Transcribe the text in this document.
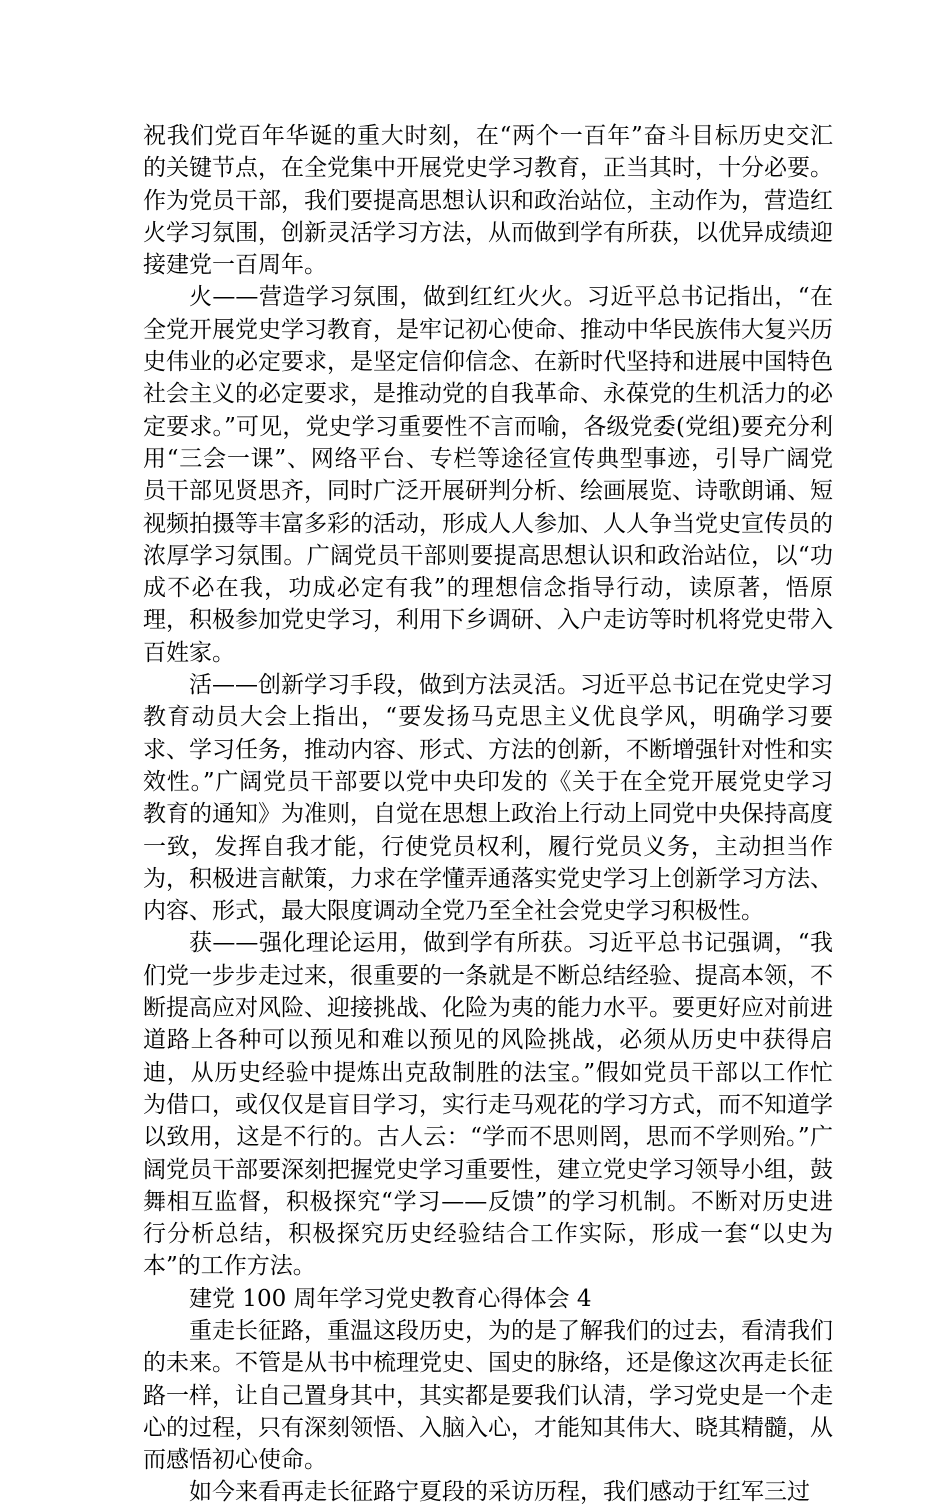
祝我们党百年华诞的重大时刻，在“两个一百年”奋斗目标历史交汇的关键节点，在全党集中开展党史学习教育，正当其时，十分必要。作为党员干部，我们要提高思想认识和政治站位，主动作为，营造红火学习氛围，创新灵活学习方法，从而做到学有所获，以优异成绩迎接建党一百周年。

火——营造学习氛围，做到红红火火。习近平总书记指出，“在全党开展党史学习教育，是牢记初心使命、推动中华民族伟大复兴历史伟业的必定要求，是坚定信仰信念、在新时代坚持和进展中国特色社会主义的必定要求，是推动党的自我革命、永葆党的生机活力的必定要求。”可见，党史学习重要性不言而喻，各级党委(党组)要充分利用“三会一课”、网络平台、专栏等途径宣传典型事迹，引导广阔党员干部见贤思齐，同时广泛开展研判分析、绘画展览、诗歌朗诵、短视频拍摄等丰富多彩的活动，形成人人参加、人人争当党史宣传员的浓厚学习氛围。广阔党员干部则要提高思想认识和政治站位，以“功成不必在我，功成必定有我”的理想信念指导行动，读原著，悟原理，积极参加党史学习，利用下乡调研、入户走访等时机将党史带入百姓家。

活——创新学习手段，做到方法灵活。习近平总书记在党史学习教育动员大会上指出，“要发扬马克思主义优良学风，明确学习要求、学习任务，推动内容、形式、方法的创新，不断增强针对性和实效性。”广阔党员干部要以党中央印发的《关于在全党开展党史学习教育的通知》为准则，自觉在思想上政治上行动上同党中央保持高度一致，发挥自我才能，行使党员权利，履行党员义务，主动担当作为，积极进言献策，力求在学懂弄通落实党史学习上创新学习方法、内容、形式，最大限度调动全党乃至全社会党史学习积极性。

获——强化理论运用，做到学有所获。习近平总书记强调，“我们党一步步走过来，很重要的一条就是不断总结经验、提高本领，不断提高应对风险、迎接挑战、化险为夷的能力水平。要更好应对前进道路上各种可以预见和难以预见的风险挑战，必须从历史中获得启迪，从历史经验中提炼出克敌制胜的法宝。”假如党员干部以工作忙为借口，或仅仅是盲目学习，实行走马观花的学习方式，而不知道学以致用，这是不行的。古人云：“学而不思则罔，思而不学则殆。”广阔党员干部要深刻把握党史学习重要性，建立党史学习领导小组，鼓舞相互监督，积极探究“学习——反馈”的学习机制。不断对历史进行分析总结，积极探究历史经验结合工作实际，形成一套“以史为本”的工作方法。

建党 100 周年学习党史教育心得体会 4

重走长征路，重温这段历史，为的是了解我们的过去，看清我们的未来。不管是从书中梳理党史、国史的脉络，还是像这次再走长征路一样，让自己置身其中，其实都是要我们认清，学习党史是一个走心的过程，只有深刻领悟、入脑入心，才能知其伟大、晓其精髓，从而感悟初心使命。

如今来看再走长征路宁夏段的采访历程，我们感动于红军三过
